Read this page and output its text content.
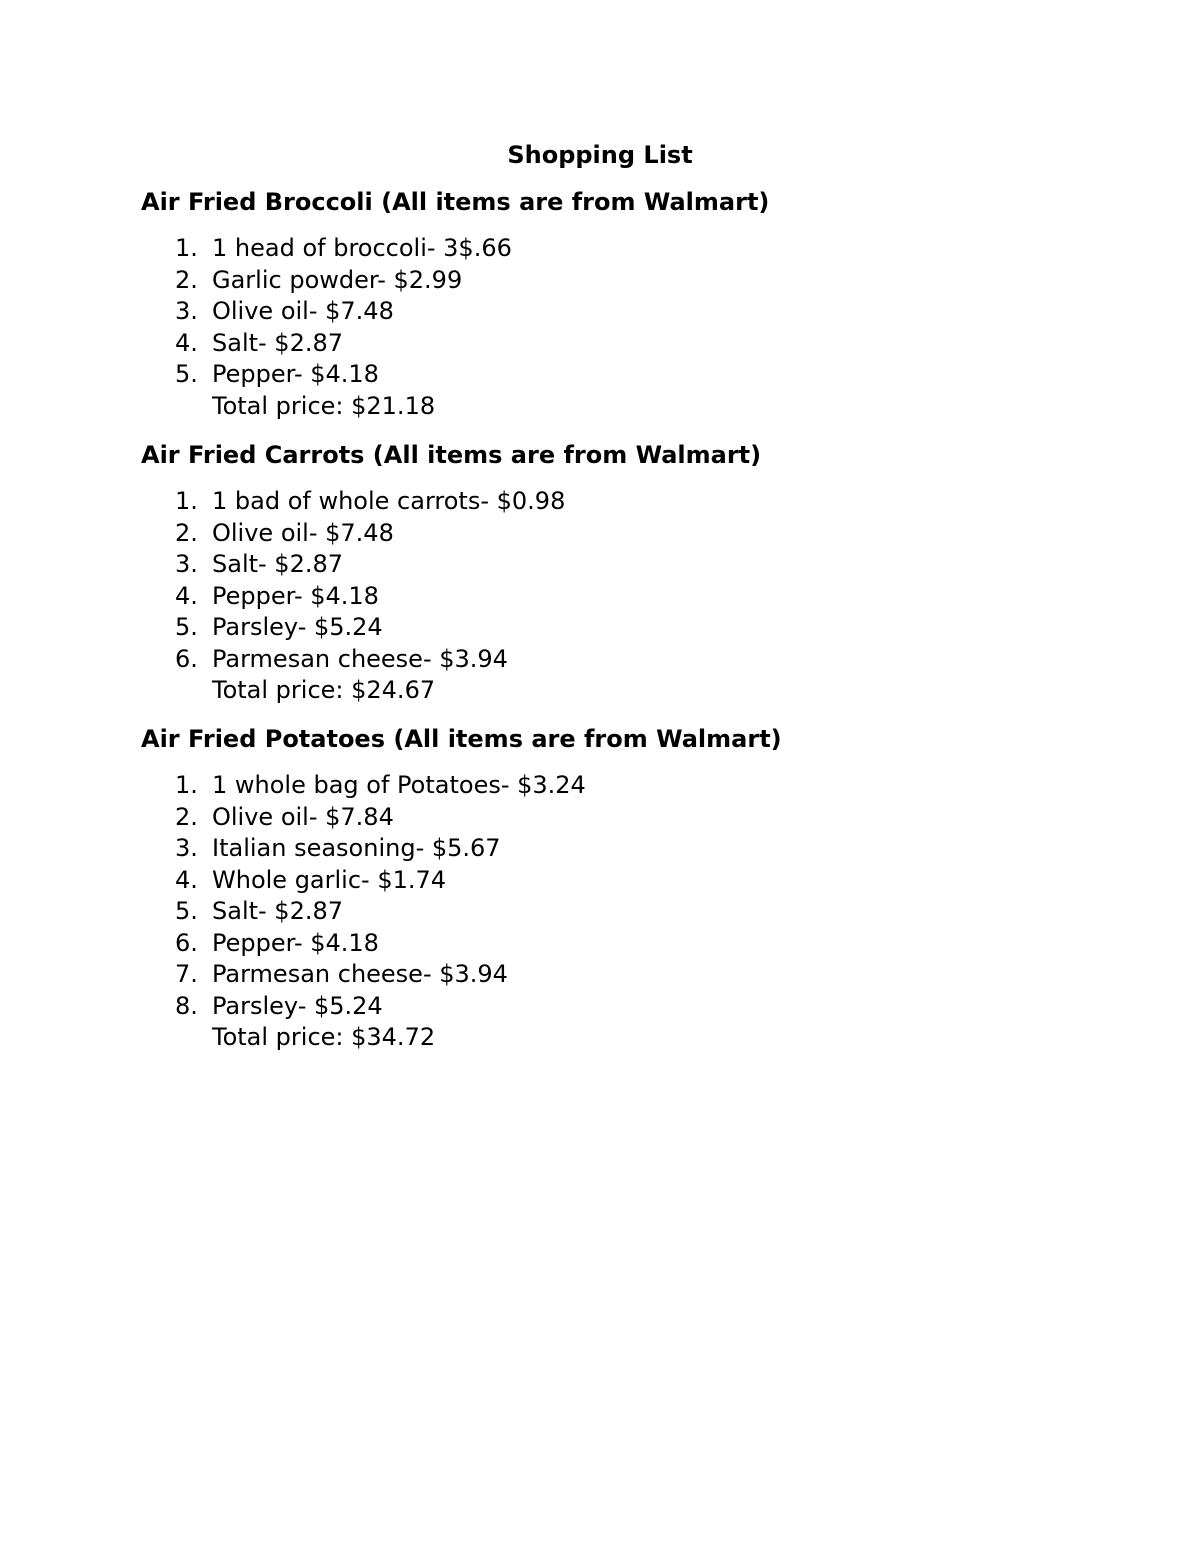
Shopping List
Air Fried Broccoli (All items are from Walmart)
1. 1 head of broccoli- 3$.66
2. Garlic powder- $2.99
3. Olive oil- $7.48
4. Salt- $2.87
5. Pepper- $4.18

Total price: $21.18

Air Fried Carrots (All items are from Walmart)
1. 1 bad of whole carrots- $0.98
2. Olive oil- $7.48
3. Salt- $2.87
4. Pepper- $4.18
5. Parsley- $5.24
6. Parmesan cheese- $3.94

Total price: $24.67

Air Fried Potatoes (All items are from Walmart)
1. 1 whole bag of Potatoes- $3.24
2. Olive oil- $7.84
3. Italian seasoning- $5.67
4. Whole garlic- $1.74
5. Salt- $2.87
6. Pepper- $4.18
7. Parmesan cheese- $3.94
8. Parsley- $5.24

Total price: $34.72
